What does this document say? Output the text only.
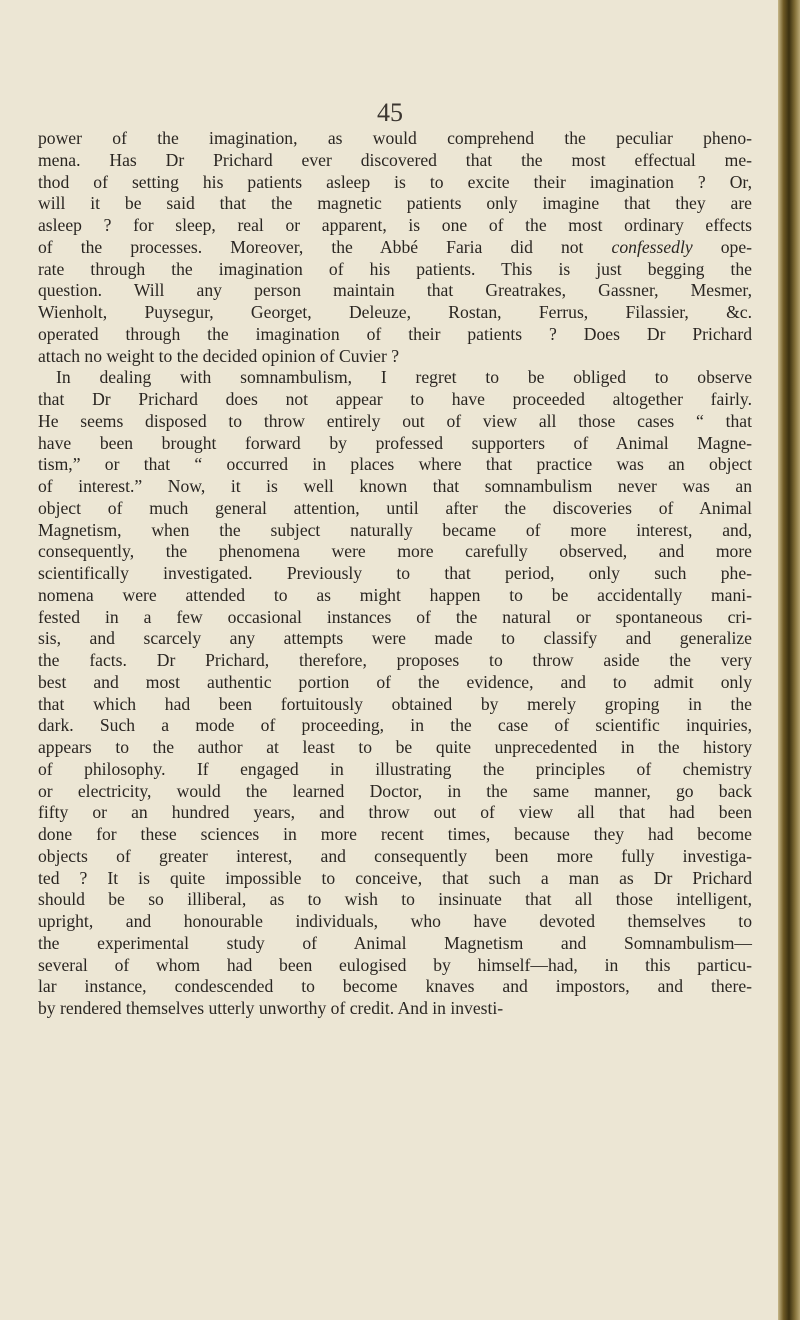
45
power of the imagination, as would comprehend the peculiar pheno-
mena. Has Dr Prichard ever discovered that the most effectual me-
thod of setting his patients asleep is to excite their imagination ? Or,
will it be said that the magnetic patients only imagine that they are
asleep ? for sleep, real or apparent, is one of the most ordinary effects
of the processes. Moreover, the Abbé Faria did not confessedly ope-
rate through the imagination of his patients. This is just begging the
question. Will any person maintain that Greatrakes, Gassner, Mesmer,
Wienholt, Puysegur, Georget, Deleuze, Rostan, Ferrus, Filassier, &c.
operated through the imagination of their patients ? Does Dr Prichard
attach no weight to the decided opinion of Cuvier ?
In dealing with somnambulism, I regret to be obliged to observe
that Dr Prichard does not appear to have proceeded altogether fairly.
He seems disposed to throw entirely out of view all those cases “ that
have been brought forward by professed supporters of Animal Magne-
tism,” or that “ occurred in places where that practice was an object
of interest.” Now, it is well known that somnambulism never was an
object of much general attention, until after the discoveries of Animal
Magnetism, when the subject naturally became of more interest, and,
consequently, the phenomena were more carefully observed, and more
scientifically investigated. Previously to that period, only such phe-
nomena were attended to as might happen to be accidentally mani-
fested in a few occasional instances of the natural or spontaneous cri-
sis, and scarcely any attempts were made to classify and generalize
the facts. Dr Prichard, therefore, proposes to throw aside the very
best and most authentic portion of the evidence, and to admit only
that which had been fortuitously obtained by merely groping in the
dark. Such a mode of proceeding, in the case of scientific inquiries,
appears to the author at least to be quite unprecedented in the history
of philosophy. If engaged in illustrating the principles of chemistry
or electricity, would the learned Doctor, in the same manner, go back
fifty or an hundred years, and throw out of view all that had been
done for these sciences in more recent times, because they had become
objects of greater interest, and consequently been more fully investiga-
ted ? It is quite impossible to conceive, that such a man as Dr Prichard
should be so illiberal, as to wish to insinuate that all those intelligent,
upright, and honourable individuals, who have devoted themselves to
the experimental study of Animal Magnetism and Somnambulism—
several of whom had been eulogised by himself—had, in this particu-
lar instance, condescended to become knaves and impostors, and there-
by rendered themselves utterly unworthy of credit. And in investi-
